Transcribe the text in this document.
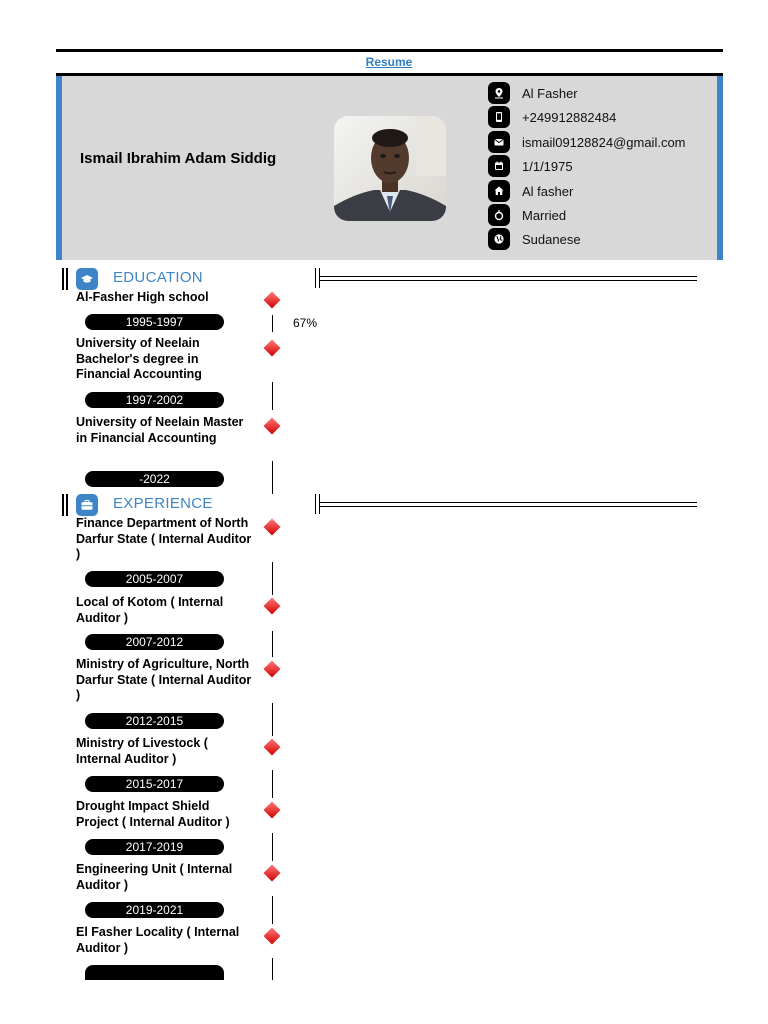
Resume
Ismail Ibrahim Adam Siddig
Al Fasher
+249912882484
ismail09128824@gmail.com
1/1/1975
Al fasher
Married
Sudanese
EDUCATION
67%
Al-Fasher High school
1995-1997
University of Neelain Bachelor's degree in Financial Accounting
1997-2002
University of Neelain Master in Financial Accounting
-2022
EXPERIENCE
Finance Department of North Darfur State ( Internal Auditor )
2005-2007
Local of Kotom ( Internal Auditor )
2007-2012
Ministry of Agriculture, North Darfur State ( Internal Auditor )
2012-2015
Ministry of Livestock ( Internal Auditor )
2015-2017
Drought Impact Shield Project ( Internal Auditor )
2017-2019
Engineering Unit ( Internal Auditor )
2019-2021
El Fasher Locality ( Internal Auditor )
